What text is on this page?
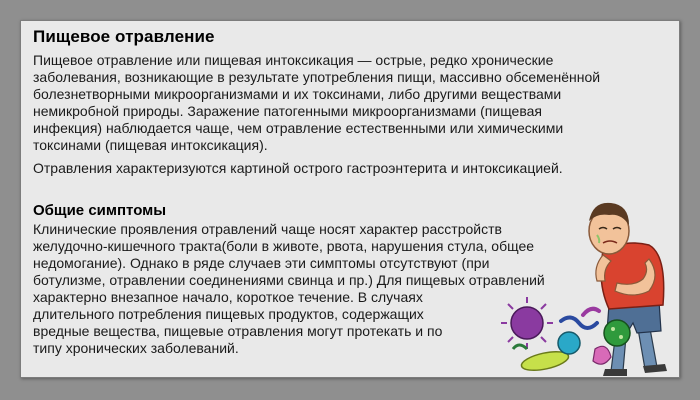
Пищевое отравление
Пищевое отравление или пищевая интоксикация — острые, редко хронические
заболевания, возникающие в результате употребления пищи, массивно обсеменённой
болезнетворными микроорганизмами и их токсинами, либо другими веществами
немикробной природы. Заражение патогенными микроорганизмами (пищевая
инфекция) наблюдается чаще, чем отравление естественными или химическими
токсинами (пищевая интоксикация).
Отравления характеризуются картиной острого гастроэнтерита и интоксикацией.
Общие симптомы
Клинические проявления отравлений чаще носят характер расстройств
желудочно-кишечного тракта(боли в животе, рвота, нарушения стула, общее
недомогание). Однако в ряде случаев эти симптомы отсутствуют (при
ботулизме, отравлении соединениями свинца и пр.) Для пищевых отравлений
характерно внезапное начало, короткое течение. В случаях
длительного потребления пищевых продуктов, содержащих
вредные вещества, пищевые отравления могут протекать и по
типу хронических заболеваний.
